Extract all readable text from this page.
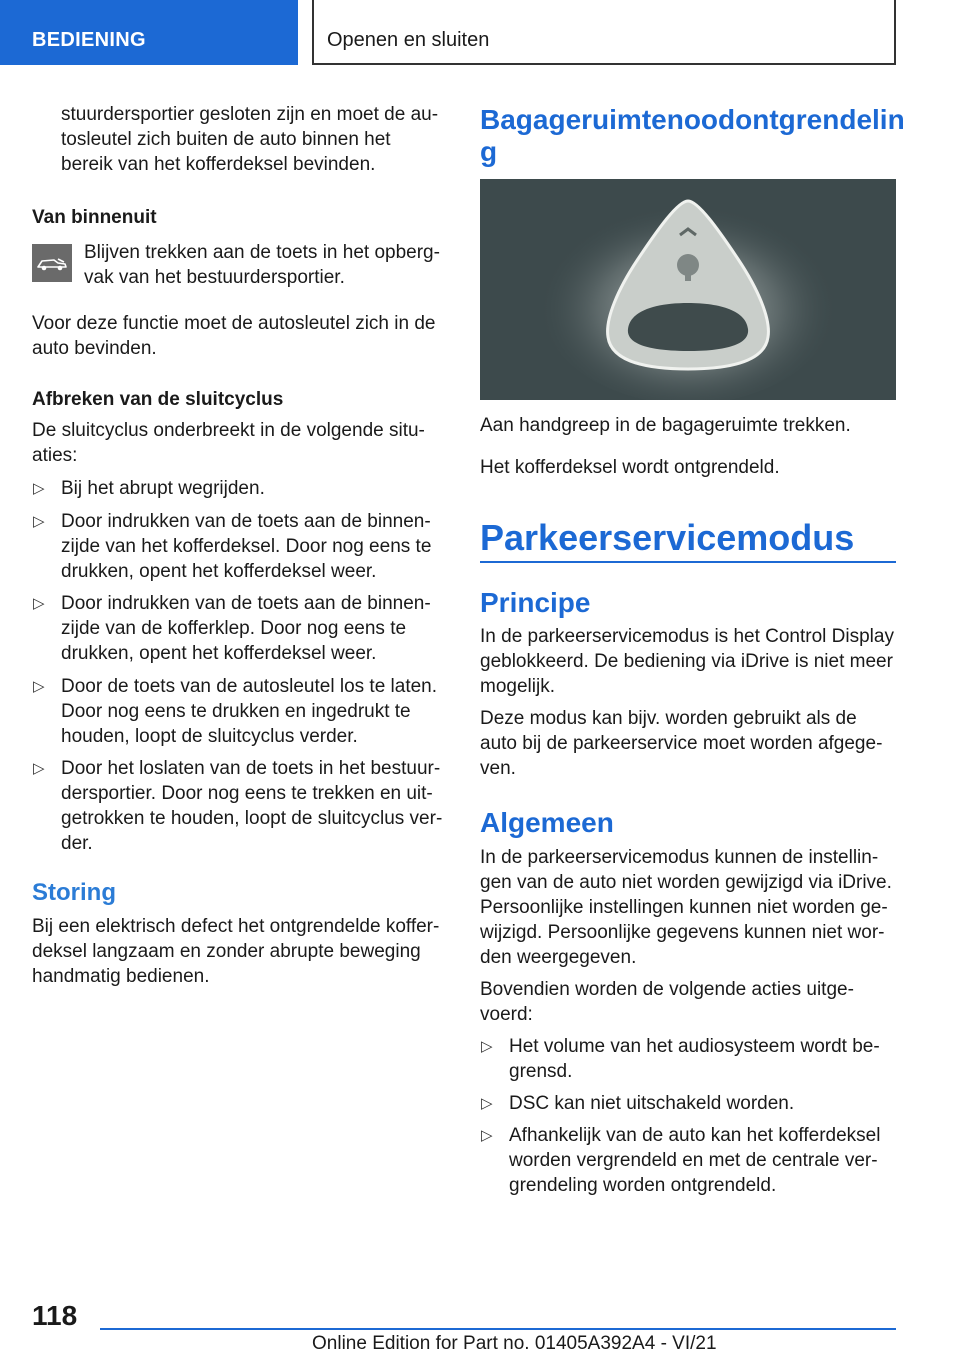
BEDIENING	Openen en sluiten
stuurdersportier gesloten zijn en moet de au-
tosleutel zich buiten de auto binnen het
bereik van het kofferdeksel bevinden.
Van binnenuit
Blijven trekken aan de toets in het opberg-
vak van het bestuurdersportier.
Voor deze functie moet de autosleutel zich in de
auto bevinden.
Afbreken van de sluitcyclus
De sluitcyclus onderbreekt in de volgende situ-
aties:
▷ Bij het abrupt wegrijden.
▷ Door indrukken van de toets aan de binnen-
zijde van het kofferdeksel. Door nog eens te
drukken, opent het kofferdeksel weer.
▷ Door indrukken van de toets aan de binnen-
zijde van de kofferklep. Door nog eens te
drukken, opent het kofferdeksel weer.
▷ Door de toets van de autosleutel los te laten.
Door nog eens te drukken en ingedrukt te
houden, loopt de sluitcyclus verder.
▷ Door het loslaten van de toets in het bestuur-
dersportier. Door nog eens te trekken en uit-
getrokken te houden, loopt de sluitcyclus ver-
der.
Storing
Bij een elektrisch defect het ontgrendelde koffer-
deksel langzaam en zonder abrupte beweging
handmatig bedienen.
Bagageruimtenoodontgrendelin
g
Aan handgreep in de bagageruimte trekken.
Het kofferdeksel wordt ontgrendeld.
Parkeerservicemodus
Principe
In de parkeerservicemodus is het Control Display
geblokkeerd. De bediening via iDrive is niet meer
mogelijk.
Deze modus kan bijv. worden gebruikt als de
auto bij de parkeerservice moet worden afgege-
ven.
Algemeen
In de parkeerservicemodus kunnen de instellin-
gen van de auto niet worden gewijzigd via iDrive.
Persoonlijke instellingen kunnen niet worden ge-
wijzigd. Persoonlijke gegevens kunnen niet wor-
den weergegeven.
Bovendien worden de volgende acties uitge-
voerd:
▷ Het volume van het audiosysteem wordt be-
grensd.
▷ DSC kan niet uitschakeld worden.
▷ Afhankelijk van de auto kan het kofferdeksel
worden vergrendeld en met de centrale ver-
grendeling worden ontgrendeld.
118
Online Edition for Part no. 01405A392A4 - VI/21
